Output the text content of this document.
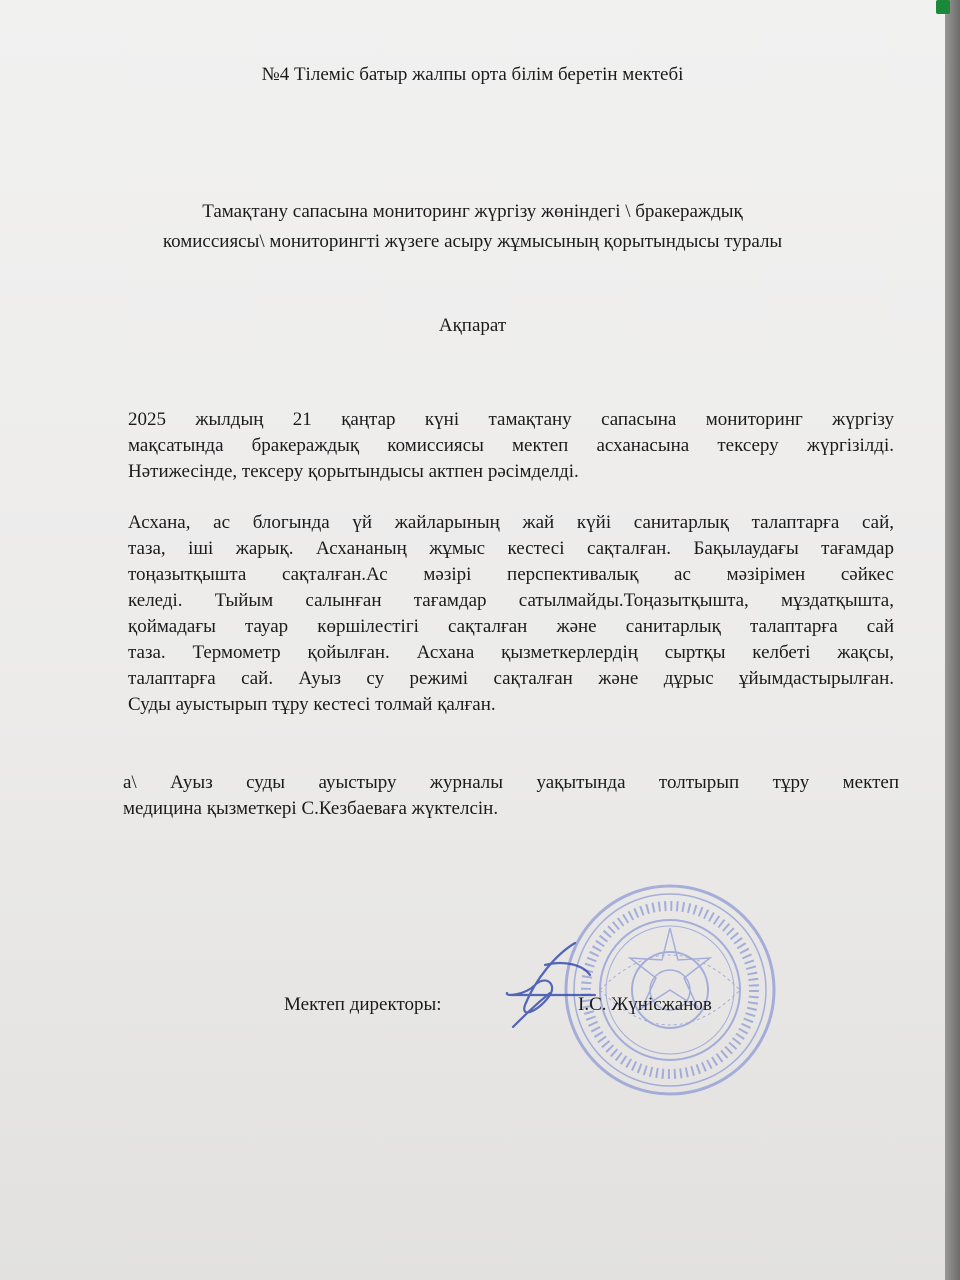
№4 Тілеміс батыр жалпы орта білім беретін мектебі
Тамақтану сапасына мониторинг жүргізу жөніндегі \ бракераждық
комиссиясы\ мониторингті жүзеге асыру жұмысының қорытындысы туралы
Ақпарат
2025 жылдың 21 қаңтар күні тамақтану сапасына мониторинг жүргізу
мақсатында бракераждық комиссиясы мектеп асханасына тексеру жүргізілді.
Нәтижесінде, тексеру қорытындысы актпен рәсімделді.
Асхана, ас блогында үй жайларының жай күйі санитарлық талаптарға сай,
таза, іші жарық. Асхананың жұмыс кестесі сақталған. Бақылаудағы тағамдар
тоңазытқышта сақталған.Ас мәзірі перспективалық ас мәзірімен сәйкес
келеді. Тыйым салынған тағамдар сатылмайды.Тоңазытқышта, мұздатқышта,
қоймадағы тауар көршілестігі сақталған және санитарлық талаптарға сай
таза. Термометр қойылған. Асхана қызметкерлердің сыртқы келбеті жақсы,
талаптарға сай. Ауыз су режимі сақталған және дұрыс ұйымдастырылған.
Суды ауыстырып тұру кестесі толмай қалған.
а\ Ауыз суды ауыстыру журналы уақытында толтырып тұру мектеп
медицина қызметкері С.Кезбаеваға жүктелсін.
Мектеп директоры:	І.С. Жүнісжанов
